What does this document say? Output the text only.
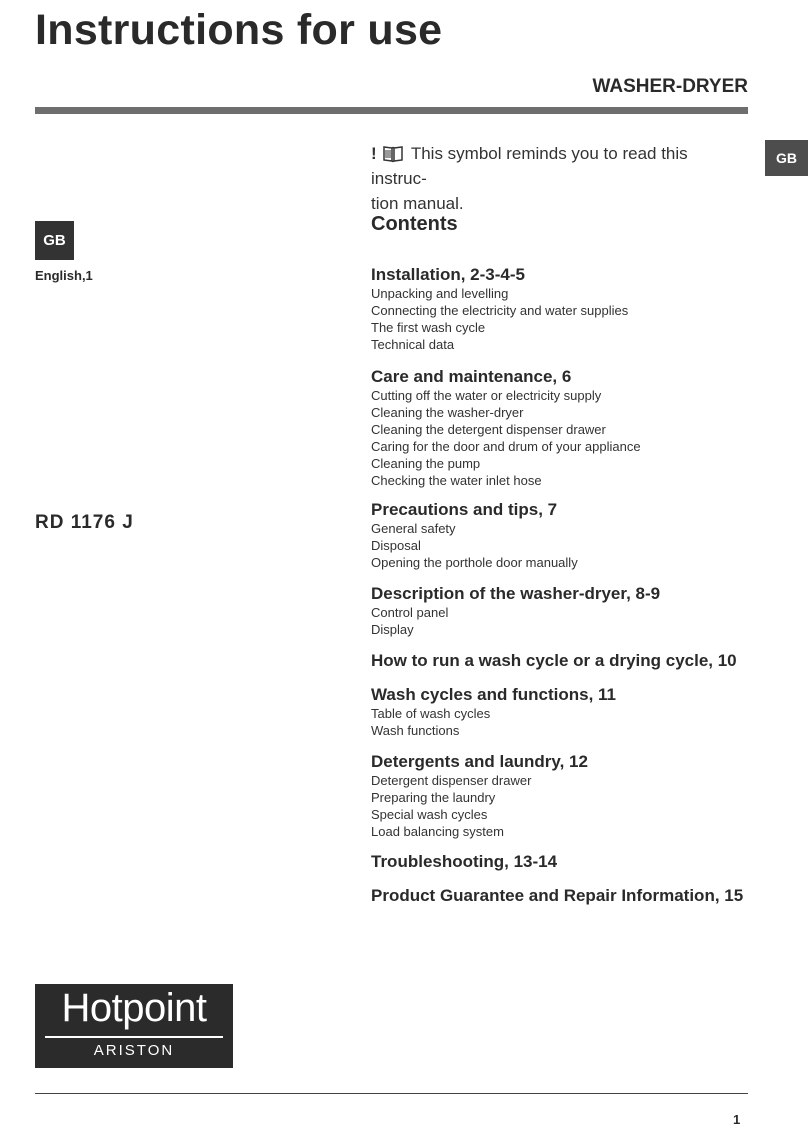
Instructions for use
WASHER-DRYER
GB
GB
English,1
RD 1176 J
! This symbol reminds you to read this instruc-
tion manual.
Contents
Installation, 2-3-4-5
Unpacking and levelling
Connecting the electricity and water supplies
The first wash cycle
Technical data
Care and maintenance, 6
Cutting off the water or electricity supply
Cleaning the washer-dryer
Cleaning the detergent dispenser drawer
Caring for the door and drum of your appliance
Cleaning the pump
Checking the water inlet hose
Precautions and tips, 7
General safety
Disposal
Opening the porthole door manually
Description of the washer-dryer, 8-9
Control panel
Display
How to run a wash cycle or a drying cycle, 10
Wash cycles and functions, 11
Table of wash cycles
Wash functions
Detergents and laundry, 12
Detergent dispenser drawer
Preparing the laundry
Special wash cycles
Load balancing system
Troubleshooting, 13-14
Product Guarantee and Repair Information, 15
Hotpoint
ARISTON
1
